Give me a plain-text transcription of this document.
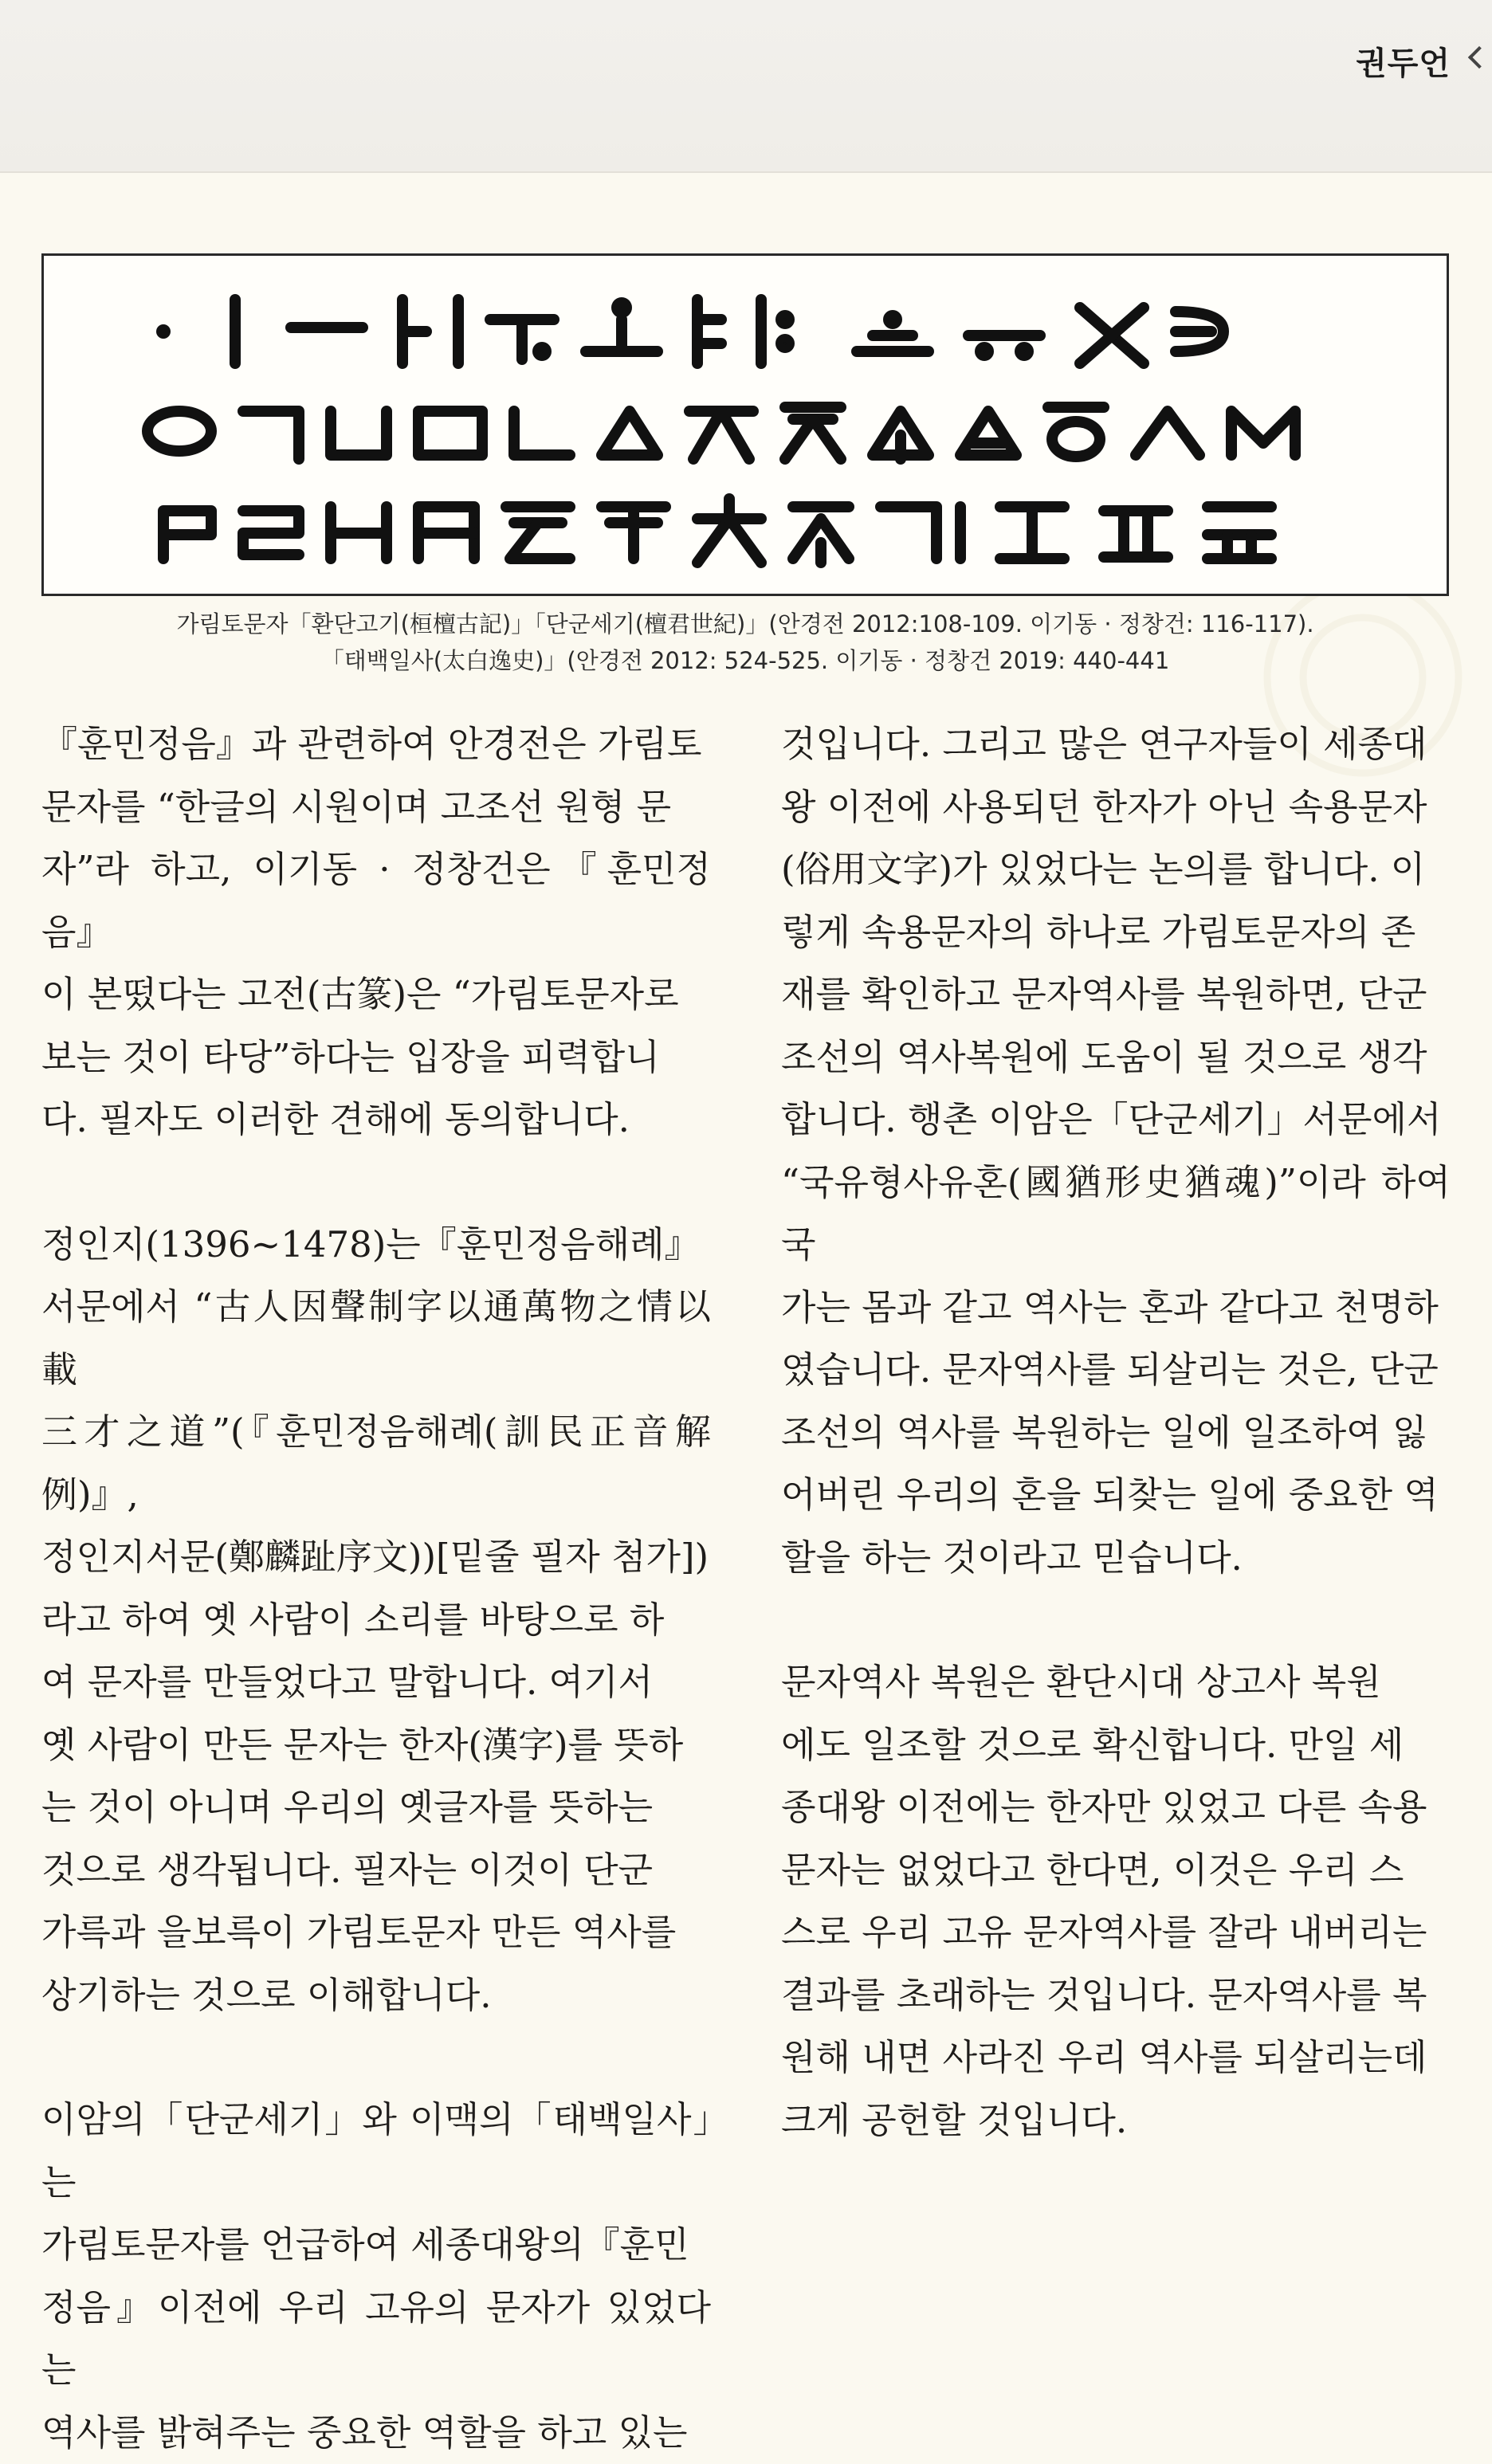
권두언
가림토문자「환단고기(桓檀古記)」「단군세기(檀君世紀)」(안경전 2012:108-109. 이기동 · 정창건: 116-117).
「태백일사(太白逸史)」(안경전 2012: 524-525. 이기동 · 정창건 2019: 440-441

『훈민정음』과 관련하여 안경전은 가림토
문자를 “한글의 시원이며 고조선 원형 문
자”라 하고, 이기동 · 정창건은『훈민정음』
이 본떴다는 고전(古篆)은 “가림토문자로
보는 것이 타당”하다는 입장을 피력합니
다. 필자도 이러한 견해에 동의합니다.

정인지(1396~1478)는『훈민정음해례』
서문에서 “古人因聲制字以通萬物之情以載
三才之道”(『훈민정음해례(訓民正音解例)』,
정인지서문(鄭麟趾序文))[밑줄 필자 첨가])
라고 하여 옛 사람이 소리를 바탕으로 하
여 문자를 만들었다고 말합니다. 여기서
옛 사람이 만든 문자는 한자(漢字)를 뜻하
는 것이 아니며 우리의 옛글자를 뜻하는
것으로 생각됩니다. 필자는 이것이 단군
가륵과 을보륵이 가림토문자 만든 역사를
상기하는 것으로 이해합니다.

이암의「단군세기」와 이맥의「태백일사」는
가림토문자를 언급하여 세종대왕의『훈민
정음』이전에 우리 고유의 문자가 있었다는
역사를 밝혀주는 중요한 역할을 하고 있는

것입니다. 그리고 많은 연구자들이 세종대
왕 이전에 사용되던 한자가 아닌 속용문자
(俗用文字)가 있었다는 논의를 합니다. 이
렇게 속용문자의 하나로 가림토문자의 존
재를 확인하고 문자역사를 복원하면, 단군
조선의 역사복원에 도움이 될 것으로 생각
합니다. 행촌 이암은「단군세기」서문에서
“국유형사유혼(國猶形史猶魂)”이라 하여 국
가는 몸과 같고 역사는 혼과 같다고 천명하
였습니다. 문자역사를 되살리는 것은, 단군
조선의 역사를 복원하는 일에 일조하여 잃
어버린 우리의 혼을 되찾는 일에 중요한 역
할을 하는 것이라고 믿습니다.

문자역사 복원은 환단시대 상고사 복원
에도 일조할 것으로 확신합니다. 만일 세
종대왕 이전에는 한자만 있었고 다른 속용
문자는 없었다고 한다면, 이것은 우리 스
스로 우리 고유 문자역사를 잘라 내버리는
결과를 초래하는 것입니다. 문자역사를 복
원해 내면 사라진 우리 역사를 되살리는데
크게 공헌할 것입니다.
